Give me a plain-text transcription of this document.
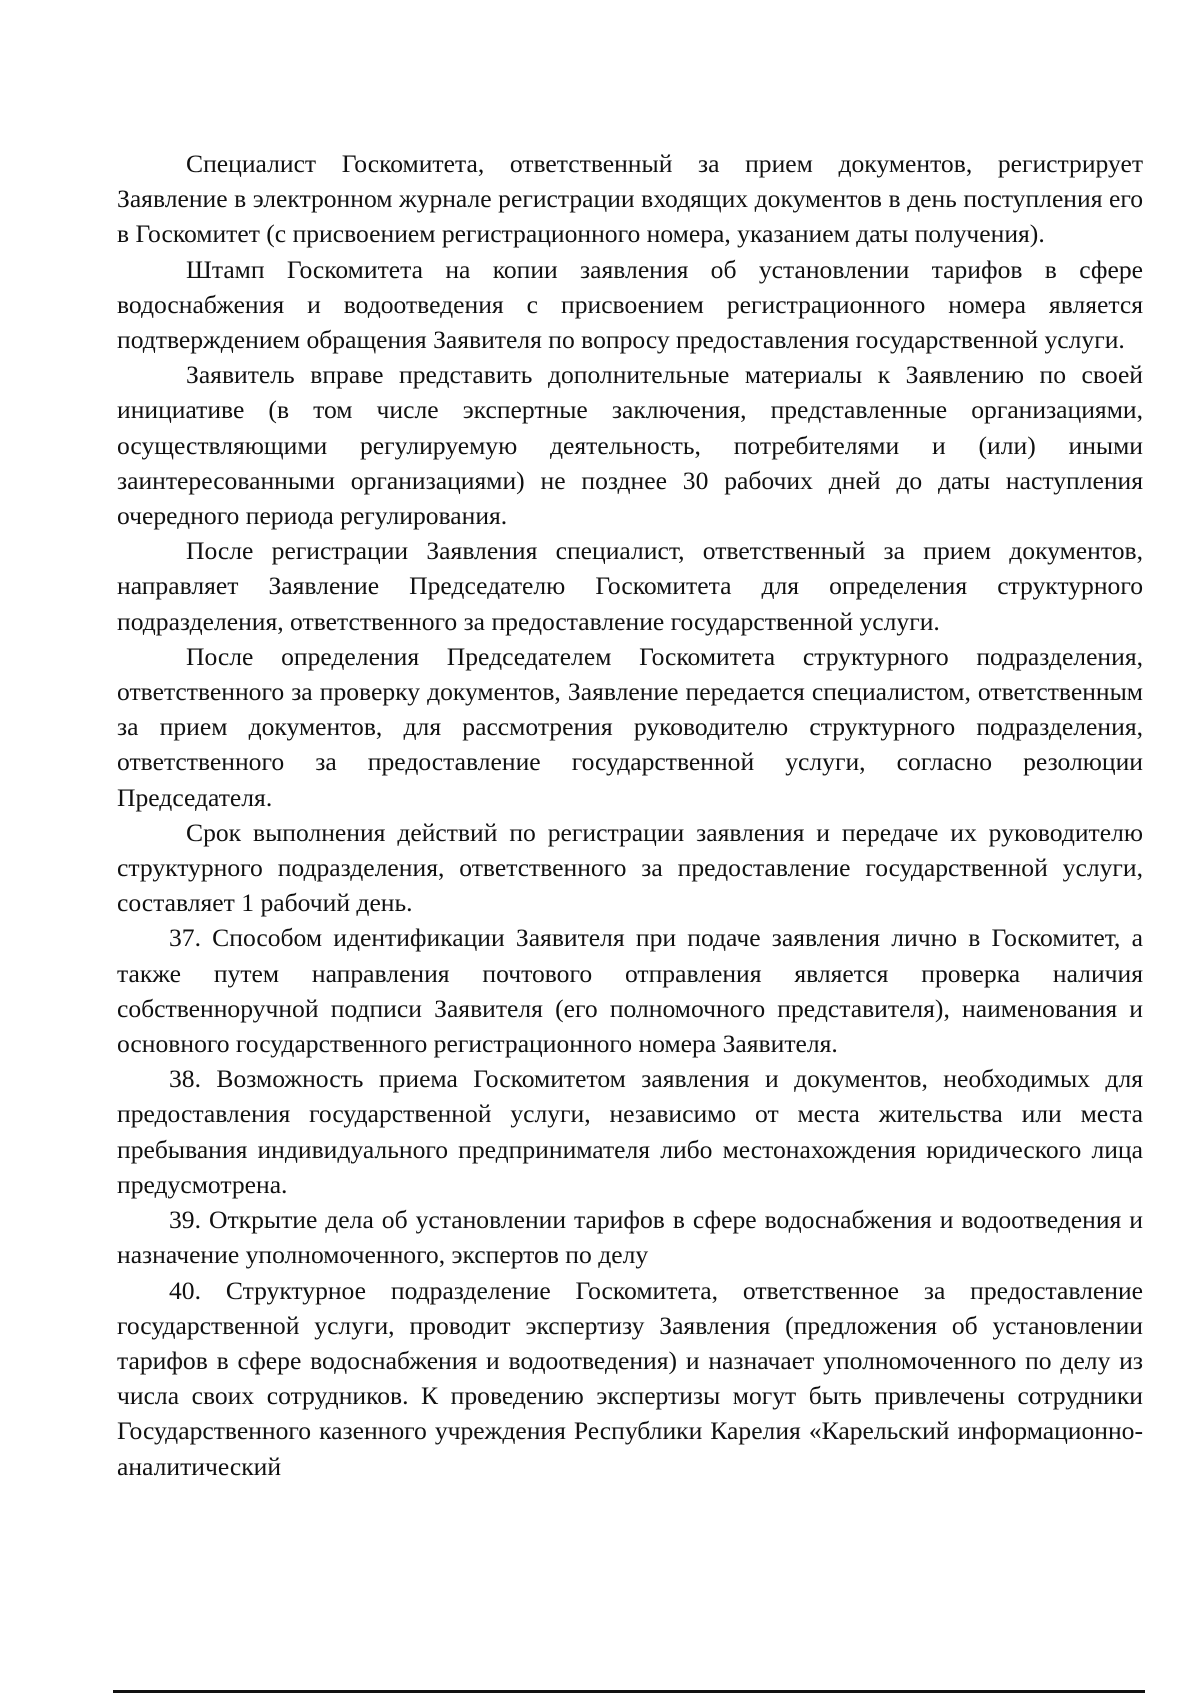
Специалист Госкомитета, ответственный за прием документов, регистрирует Заявление в электронном журнале регистрации входящих документов в день поступления его в Госкомитет (с присвоением регистрационного номера, указанием даты получения).

Штамп Госкомитета на копии заявления об установлении тарифов в сфере водоснабжения и водоотведения с присвоением регистрационного номера является подтверждением обращения Заявителя по вопросу предоставления государственной услуги.

Заявитель вправе представить дополнительные материалы к Заявлению по своей инициативе (в том числе экспертные заключения, представленные организациями, осуществляющими регулируемую деятельность, потребителями и (или) иными заинтересованными организациями) не позднее 30 рабочих дней до даты наступления очередного периода регулирования.

После регистрации Заявления специалист, ответственный за прием документов, направляет Заявление Председателю Госкомитета для определения структурного подразделения, ответственного за предоставление государственной услуги.

После определения Председателем Госкомитета структурного подразделения, ответственного за проверку документов, Заявление передается специалистом, ответственным за прием документов, для рассмотрения руководителю структурного подразделения, ответственного за предоставление государственной услуги, согласно резолюции Председателя.

Срок выполнения действий по регистрации заявления и передаче их руководителю структурного подразделения, ответственного за предоставление государственной услуги, составляет 1 рабочий день.

37. Способом идентификации Заявителя при подаче заявления лично в Госкомитет, а также путем направления почтового отправления является проверка наличия собственноручной подписи Заявителя (его полномочного представителя), наименования и основного государственного регистрационного номера Заявителя.

38. Возможность приема Госкомитетом заявления и документов, необходимых для предоставления государственной услуги, независимо от места жительства или места пребывания индивидуального предпринимателя либо местонахождения юридического лица предусмотрена.

39. Открытие дела об установлении тарифов в сфере водоснабжения и водоотведения и назначение уполномоченного, экспертов по делу

40. Структурное подразделение Госкомитета, ответственное за предоставление государственной услуги, проводит экспертизу Заявления (предложения об установлении тарифов в сфере водоснабжения и водоотведения) и назначает уполномоченного по делу из числа своих сотрудников. К проведению экспертизы могут быть привлечены сотрудники Государственного казенного учреждения Республики Карелия «Карельский информационно-аналитический
